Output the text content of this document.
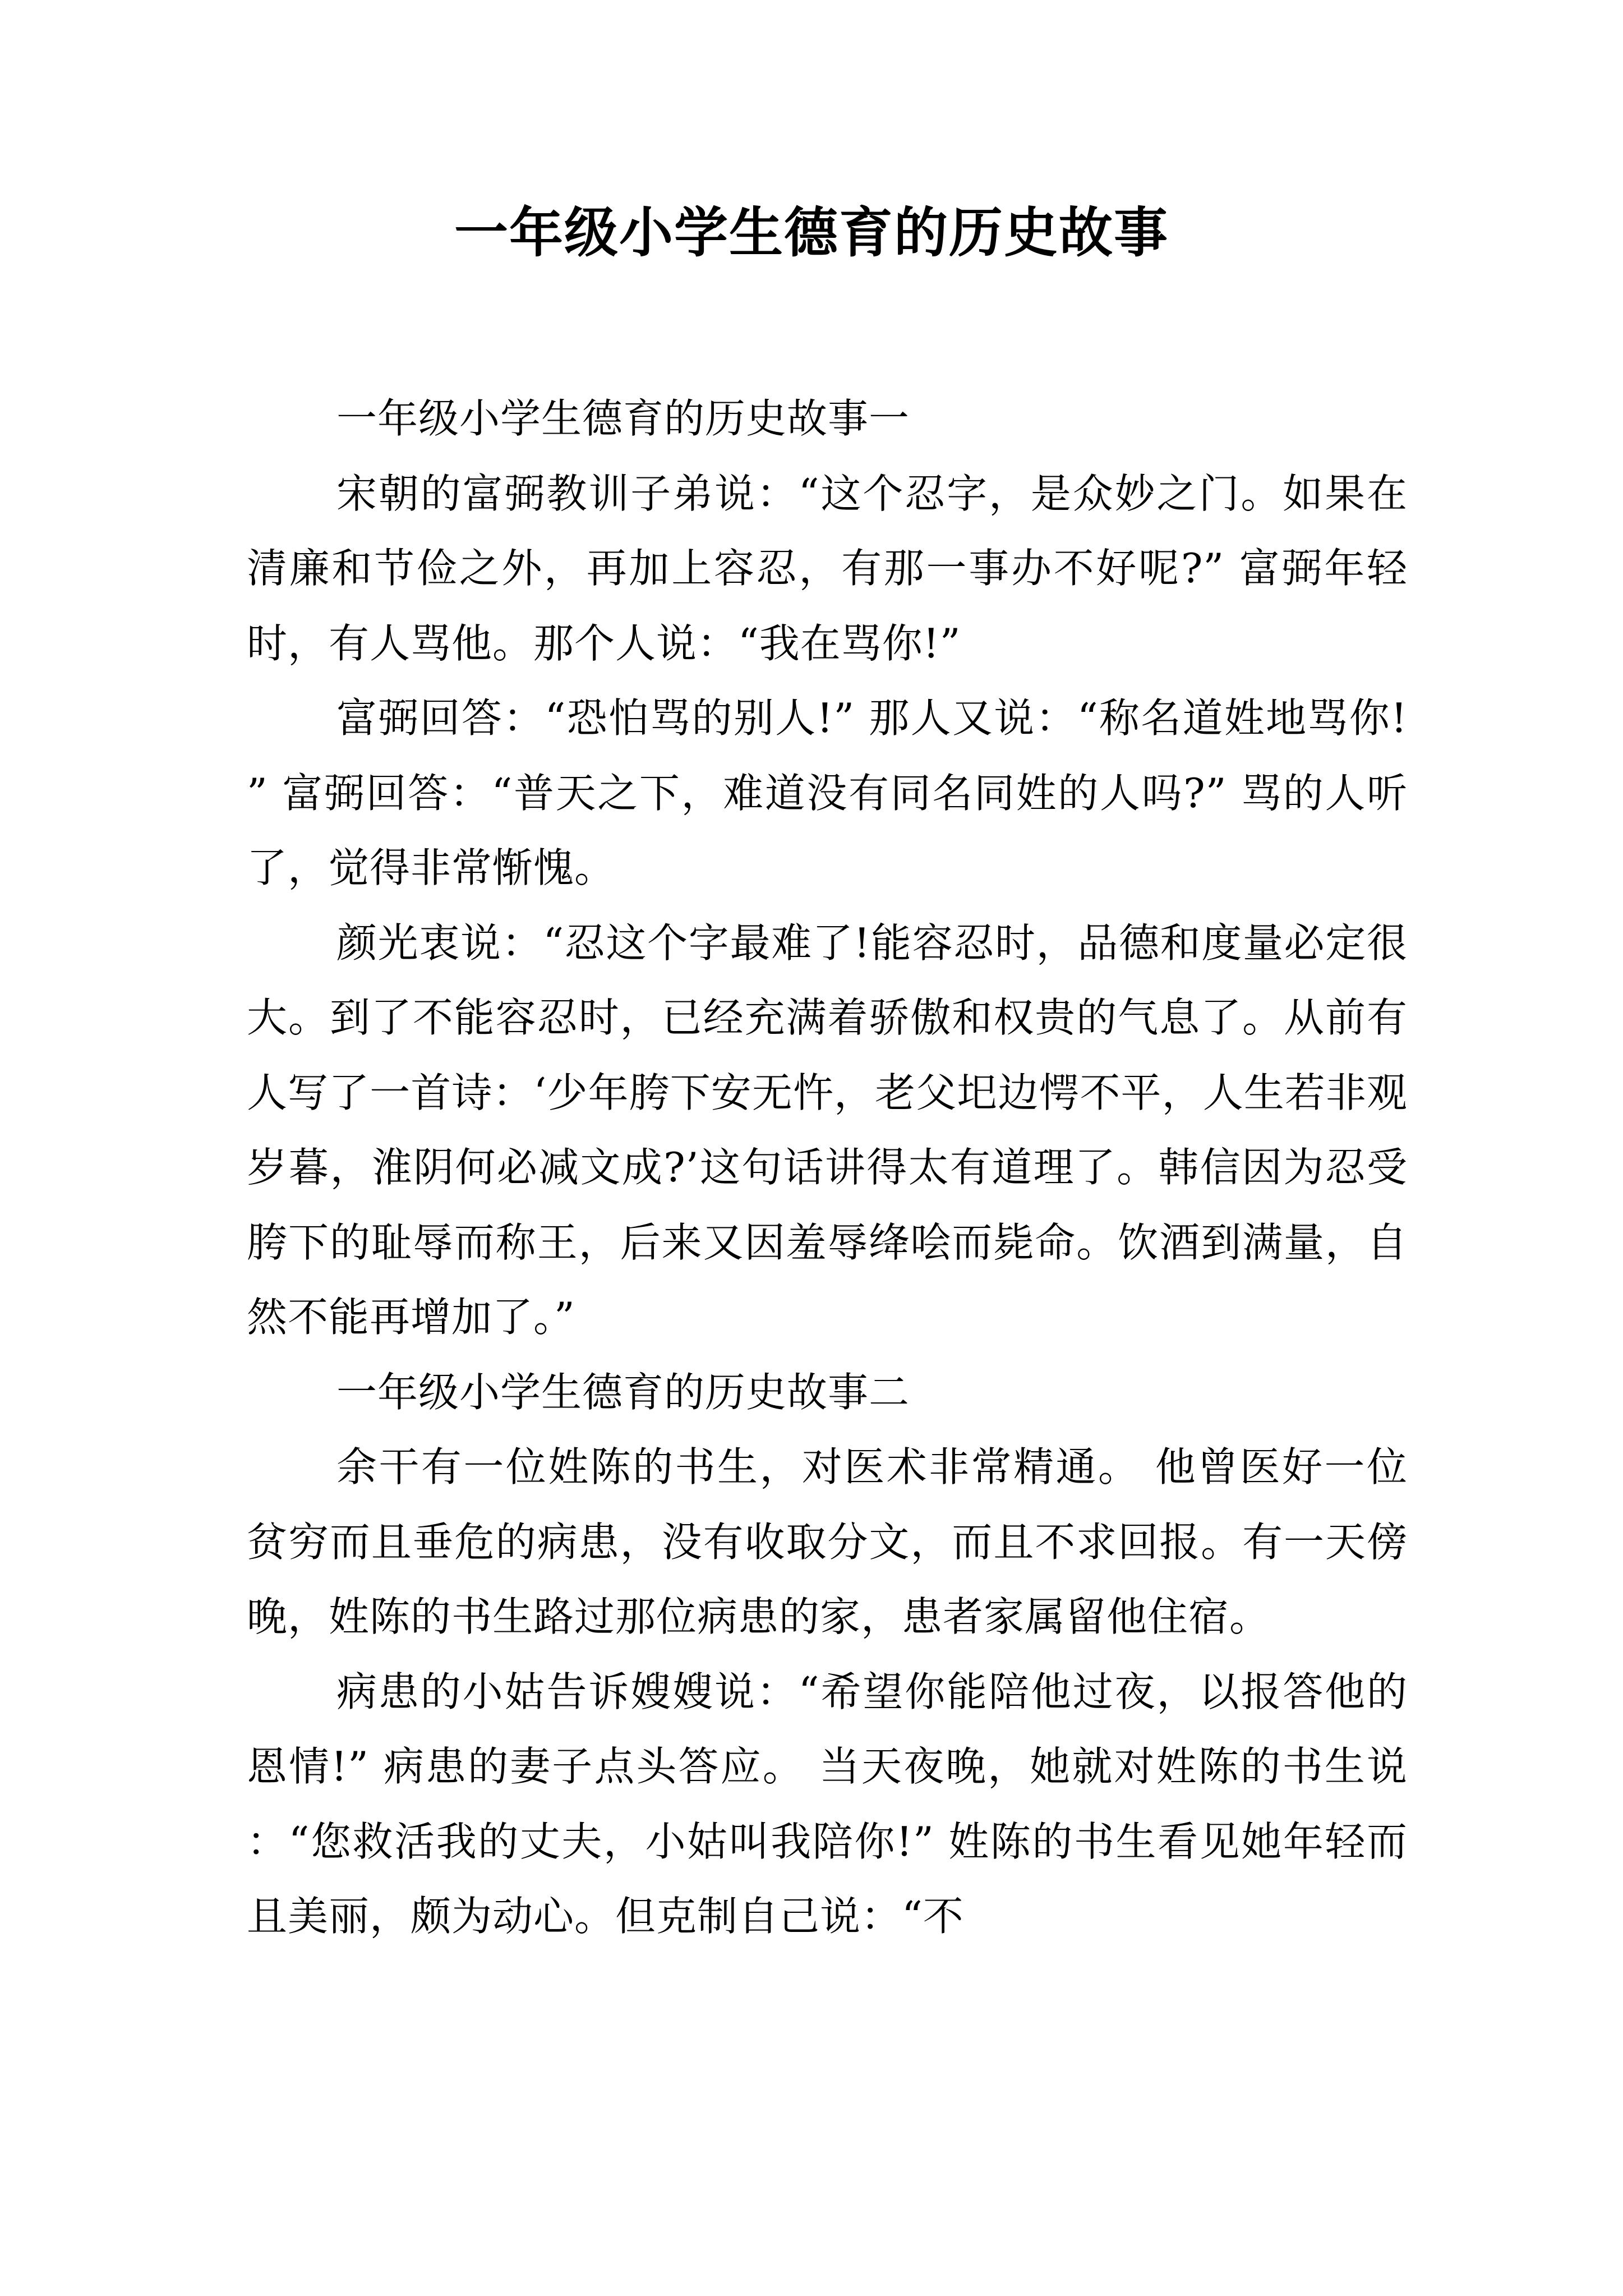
一年级小学生德育的历史故事

一年级小学生德育的历史故事一

宋朝的富弼教训子弟说：“这个忍字，是众妙之门。如果在清廉和节俭之外，再加上容忍，有那一事办不好呢?” 富弼年轻时，有人骂他。那个人说：“我在骂你!”

富弼回答：“恐怕骂的别人!” 那人又说：“称名道姓地骂你!” 富弼回答：“普天之下，难道没有同名同姓的人吗?” 骂的人听了，觉得非常惭愧。

颜光衷说：“忍这个字最难了!能容忍时，品德和度量必定很大。到了不能容忍时，已经充满着骄傲和权贵的气息了。从前有人写了一首诗：‘少年胯下安无忤，老父圯边愕不平，人生若非观岁暮，淮阴何必减文成?’这句话讲得太有道理了。韩信因为忍受胯下的耻辱而称王，后来又因羞辱绛哙而毙命。饮酒到满量，自然不能再增加了。”

一年级小学生德育的历史故事二

余干有一位姓陈的书生，对医术非常精通。 他曾医好一位贫穷而且垂危的病患，没有收取分文，而且不求回报。有一天傍晚，姓陈的书生路过那位病患的家，患者家属留他住宿。

病患的小姑告诉嫂嫂说：“希望你能陪他过夜，以报答他的恩情!” 病患的妻子点头答应。 当天夜晚，她就对姓陈的书生说：“您救活我的丈夫，小姑叫我陪你!” 姓陈的书生看见她年轻而且美丽，颇为动心。但克制自己说：“不
